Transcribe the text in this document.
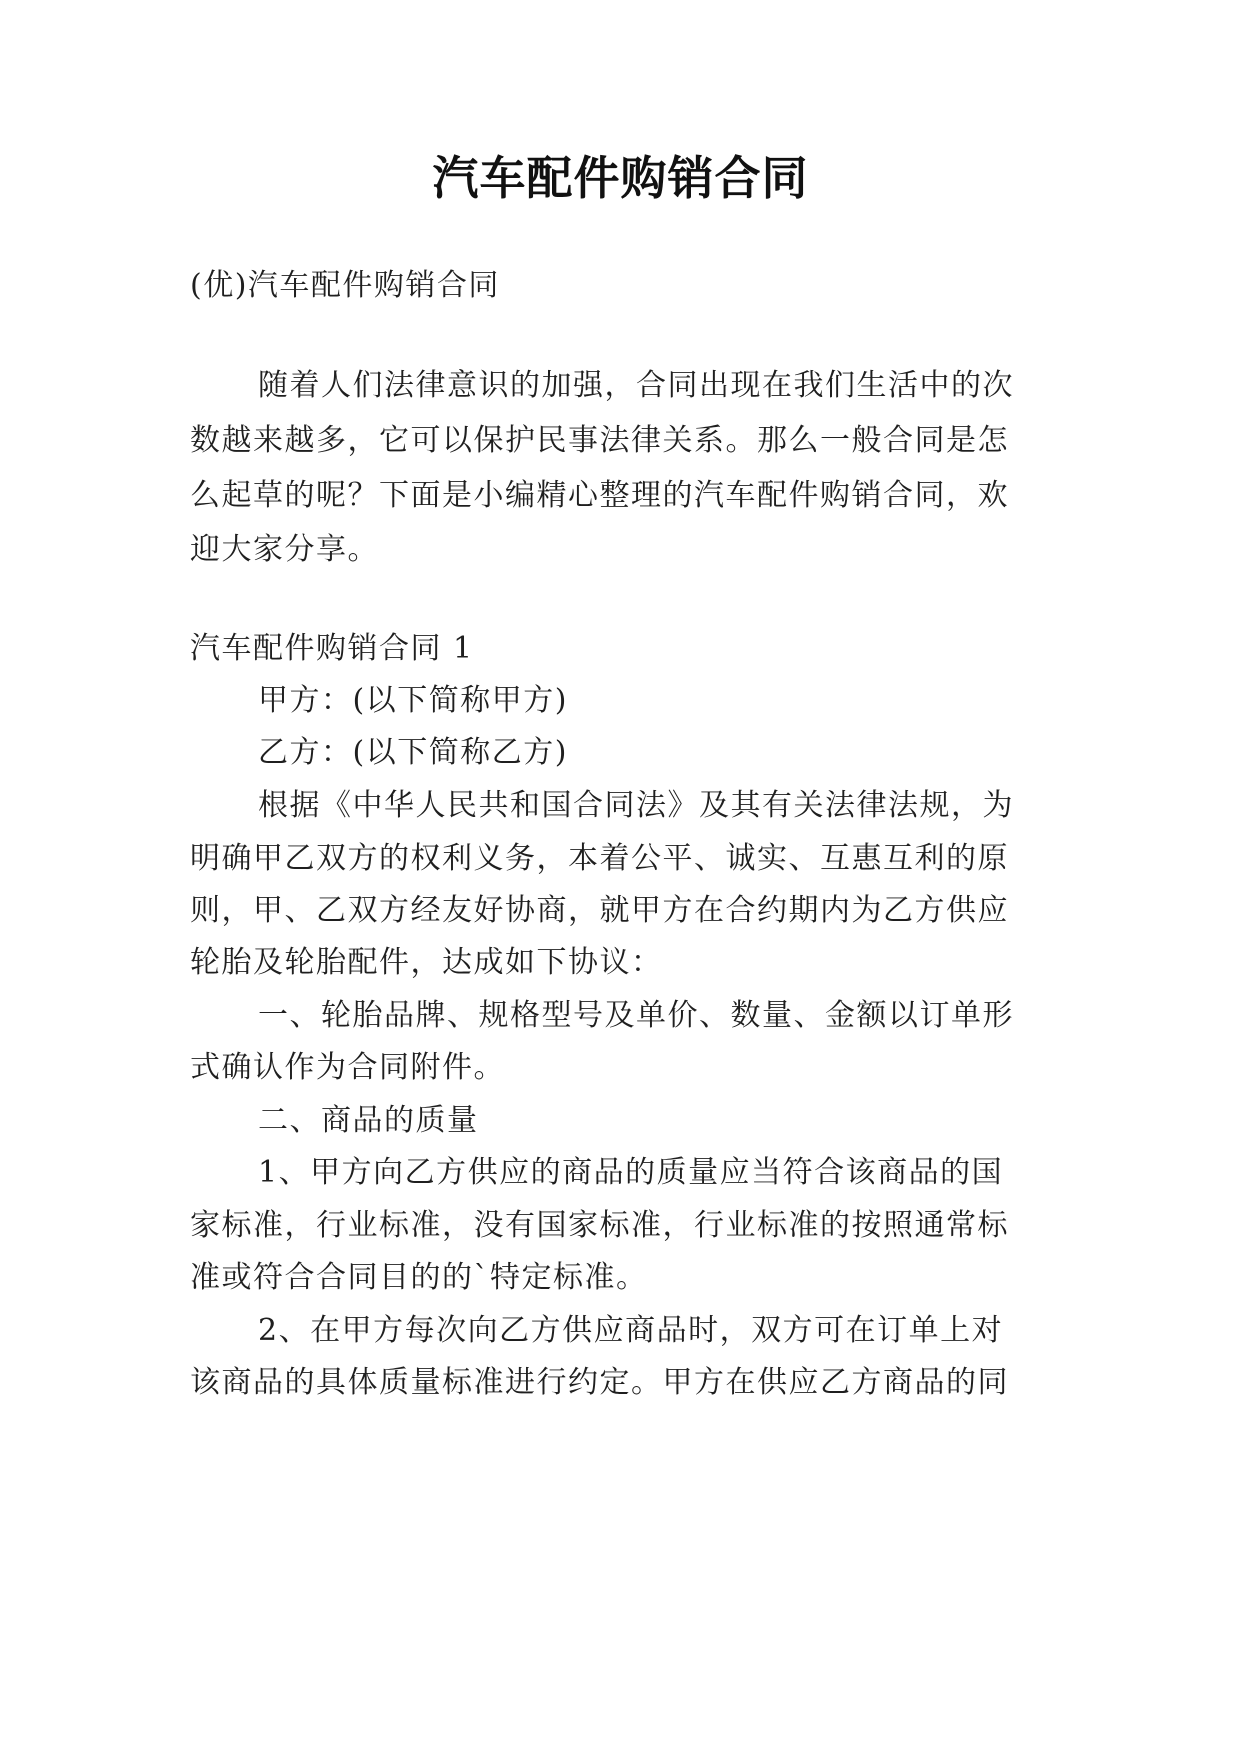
汽车配件购销合同
(优)汽车配件购销合同
随着人们法律意识的加强，合同出现在我们生活中的次
数越来越多，它可以保护民事法律关系。那么一般合同是怎
么起草的呢？下面是小编精心整理的汽车配件购销合同，欢
迎大家分享。
汽车配件购销合同 1
甲方：(以下简称甲方)
乙方：(以下简称乙方)
根据《中华人民共和国合同法》及其有关法律法规，为
明确甲乙双方的权利义务，本着公平、诚实、互惠互利的原
则，甲、乙双方经友好协商，就甲方在合约期内为乙方供应
轮胎及轮胎配件，达成如下协议：
一、轮胎品牌、规格型号及单价、数量、金额以订单形
式确认作为合同附件。
二、商品的质量
1、甲方向乙方供应的商品的质量应当符合该商品的国
家标准，行业标准，没有国家标准，行业标准的按照通常标
准或符合合同目的的`特定标准。
2、在甲方每次向乙方供应商品时，双方可在订单上对
该商品的具体质量标准进行约定。甲方在供应乙方商品的同
